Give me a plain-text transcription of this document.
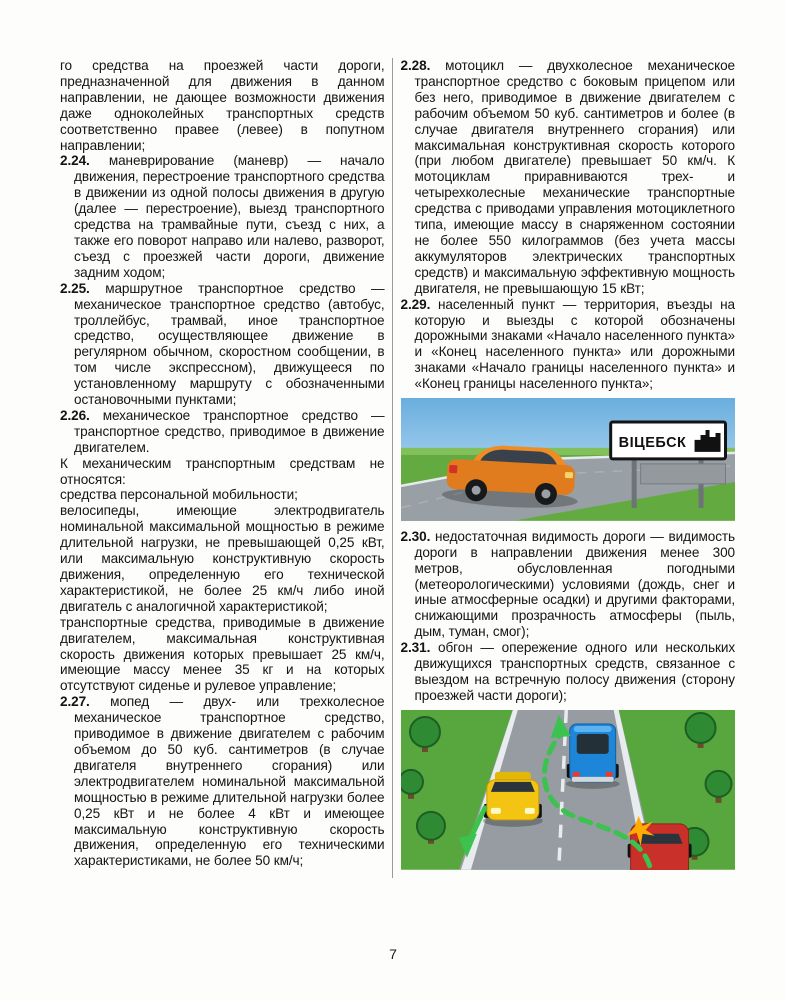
го средства на проезжей части дороги, предназначенной для движения в данном направлении, не дающее возможности движения даже одноколейных транспортных средств соответственно правее (левее) в попутном направлении;

2.24. маневрирование (маневр) — начало движения, перестроение транспортного средства в движении из одной полосы движения в другую (далее — перестроение), выезд транспортного средства на трамвайные пути, съезд с них, а также его поворот направо или налево, разворот, съезд с проезжей части дороги, движение задним ходом;

2.25. маршрутное транспортное средство — механическое транспортное средство (автобус, троллейбус, трамвай, иное транспортное средство, осуществляющее движение в регулярном обычном, скоростном сообщении, в том числе экспрессном), движущееся по установленному маршруту с обозначенными остановочными пунктами;

2.26. механическое транспортное средство — транспортное средство, приводимое в движение двигателем.

К механическим транспортным средствам не относятся:

средства персональной мобильности;

велосипеды, имеющие электродвигатель номинальной максимальной мощностью в режиме длительной нагрузки, не превышающей 0,25 кВт, или максимальную конструктивную скорость движения, определенную его технической характеристикой, не более 25 км/ч либо иной двигатель с аналогичной характеристикой;

транспортные средства, приводимые в движение двигателем, максимальная конструктивная скорость движения которых превышает 25 км/ч, имеющие массу менее 35 кг и на которых отсутствуют сиденье и рулевое управление;

2.27. мопед — двух- или трехколесное механическое транспортное средство, приводимое в движение двигателем с рабочим объемом до 50 куб. сантиметров (в случае двигателя внутреннего сгорания) или электродвигателем номинальной максимальной мощностью в режиме длительной нагрузки более 0,25 кВт и не более 4 кВт и имеющее максимальную конструктивную скорость движения, определенную его техническими характеристиками, не более 50 км/ч;

2.28. мотоцикл — двухколесное механическое транспортное средство с боковым прицепом или без него, приводимое в движение двигателем с рабочим объемом 50 куб. сантиметров и более (в случае двигателя внутреннего сгорания) или максимальная конструктивная скорость которого (при любом двигателе) превышает 50 км/ч. К мотоциклам приравниваются трех- и четырехколесные механические транспортные средства с приводами управления мотоциклетного типа, имеющие массу в снаряженном состоянии не более 550 килограммов (без учета массы аккумуляторов электрических транспортных средств) и максимальную эффективную мощность двигателя, не превышающую 15 кВт;

2.29. населенный пункт — территория, въезды на которую и выезды с которой обозначены дорожными знаками «Начало населенного пункта» и «Конец населенного пункта» или дорожными знаками «Начало границы населенного пункта» и «Конец границы населенного пункта»;

ВІЦЕБСК

2.30. недостаточная видимость дороги — видимость дороги в направлении движения менее 300 метров, обусловленная погодными (метеорологическими) условиями (дождь, снег и иные атмосферные осадки) и другими факторами, снижающими прозрачность атмосферы (пыль, дым, туман, смог);

2.31. обгон — опережение одного или нескольких движущихся транспортных средств, связанное с выездом на встречную полосу движения (сторону проезжей части дороги);

7
